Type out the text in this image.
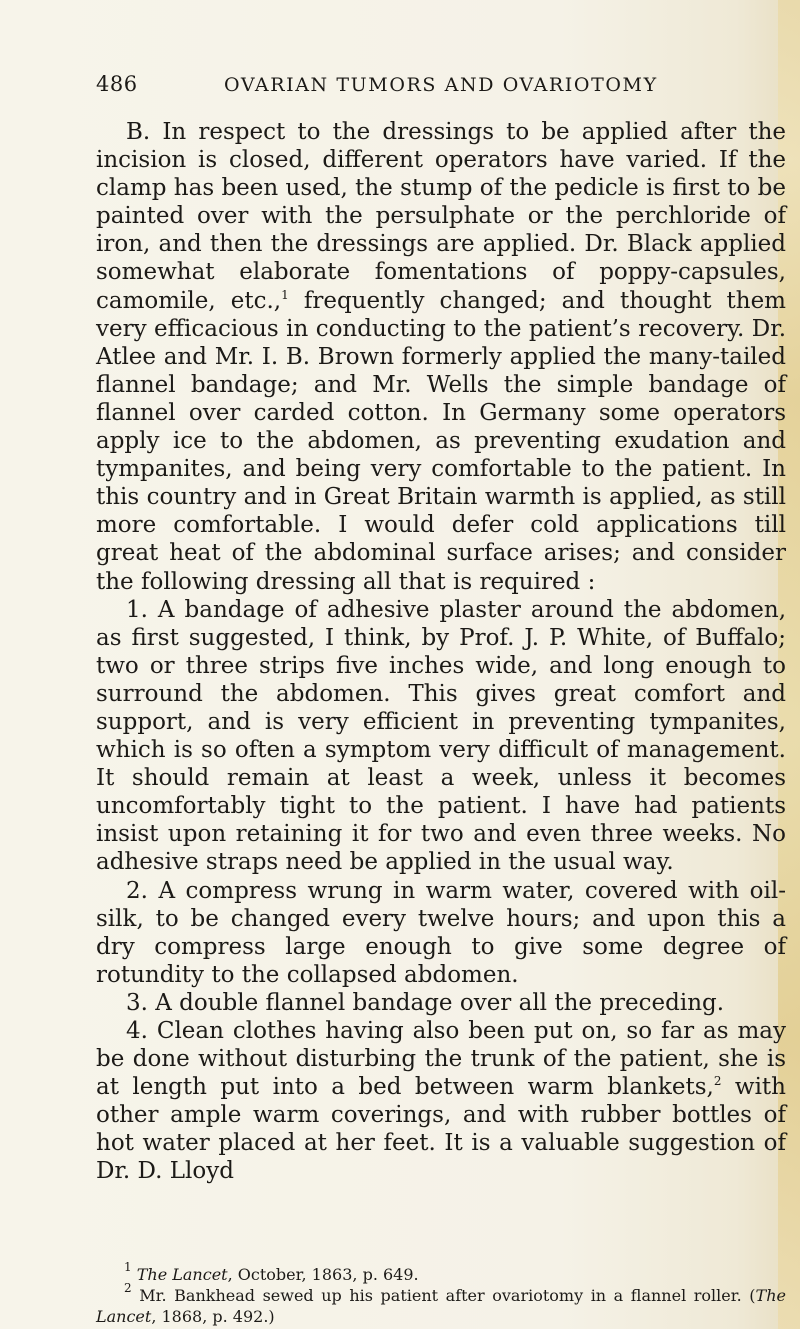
486	OVARIAN TUMORS AND OVARIOTOMY

B. In respect to the dressings to be applied after the incision is closed, different operators have varied. If the clamp has been used, the stump of the pedicle is first to be painted over with the persulphate or the perchloride of iron, and then the dressings are applied. Dr. Black applied somewhat elaborate fomentations of poppy-capsules, camomile, etc.,$^1$ frequently changed; and thought them very efficacious in conducting to the patient’s recovery. Dr. Atlee and Mr. I. B. Brown formerly applied the many-tailed flannel bandage; and Mr. Wells the simple bandage of flannel over carded cotton. In Germany some operators apply ice to the abdomen, as preventing exudation and tympanites, and being very comfortable to the patient. In this country and in Great Britain warmth is applied, as still more comfortable. I would defer cold applications till great heat of the abdominal surface arises; and consider the following dressing all that is required :

1. A bandage of adhesive plaster around the abdomen, as first suggested, I think, by Prof. J. P. White, of Buffalo; two or three strips five inches wide, and long enough to surround the abdomen. This gives great comfort and support, and is very efficient in preventing tympanites, which is so often a symptom very difficult of management. It should remain at least a week, unless it becomes uncomfortably tight to the patient. I have had patients insist upon retaining it for two and even three weeks. No adhesive straps need be applied in the usual way.

2. A compress wrung in warm water, covered with oil-silk, to be changed every twelve hours; and upon this a dry compress large enough to give some degree of rotundity to the collapsed abdomen.

3. A double flannel bandage over all the preceding.

4. Clean clothes having also been put on, so far as may be done without disturbing the trunk of the patient, she is at length put into a bed between warm blankets,$^2$ with other ample warm coverings, and with rubber bottles of hot water placed at her feet. It is a valuable suggestion of Dr. D. Lloyd

$^1$ The Lancet, October, 1863, p. 649.

$^2$ Mr. Bankhead sewed up his patient after ovariotomy in a flannel roller. (The Lancet, 1868, p. 492.)
